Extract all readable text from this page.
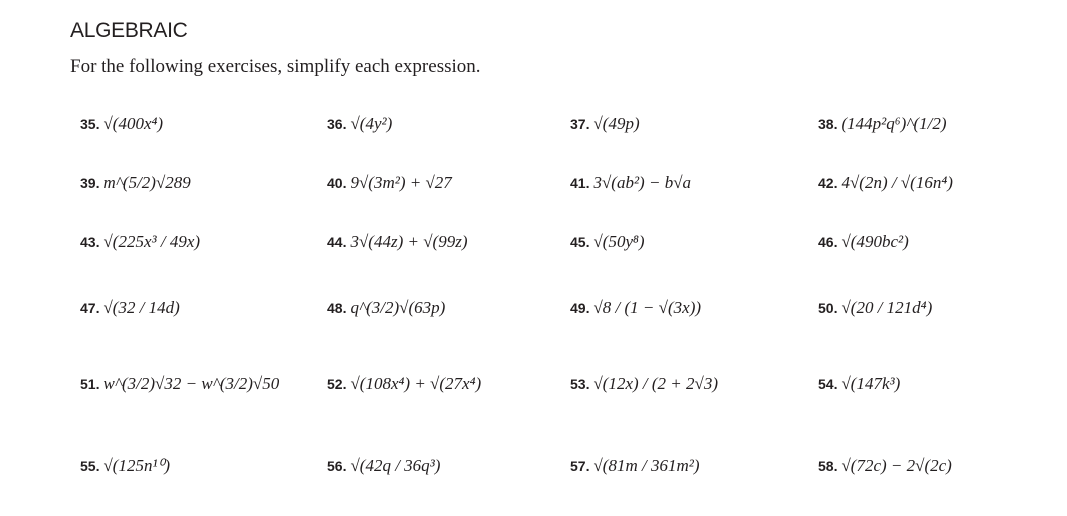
ALGEBRAIC
For the following exercises, simplify each expression.
35. √(400x⁴)	36. √(4y²)	37. √(49p)	38. (144p²q⁶)^(1/2)
39. m^(5/2)√289	40. 9√(3m²) + √27	41. 3√(ab²) − b√a	42. 4√(2n) / √(16n⁴)
43. √(225x³ / 49x)	44. 3√(44z) + √(99z)	45. √(50y⁸)	46. √(490bc²)
47. √(32 / 14d)	48. q^(3/2)√(63p)	49. √8 / (1 − √(3x))	50. √(20 / 121d⁴)
51. w^(3/2)√32 − w^(3/2)√50	52. √(108x⁴) + √(27x⁴)	53. √(12x) / (2 + 2√3)	54. √(147k³)
55. √(125n¹⁰)	56. √(42q / 36q³)	57. √(81m / 361m²)	58. √(72c) − 2√(2c)
